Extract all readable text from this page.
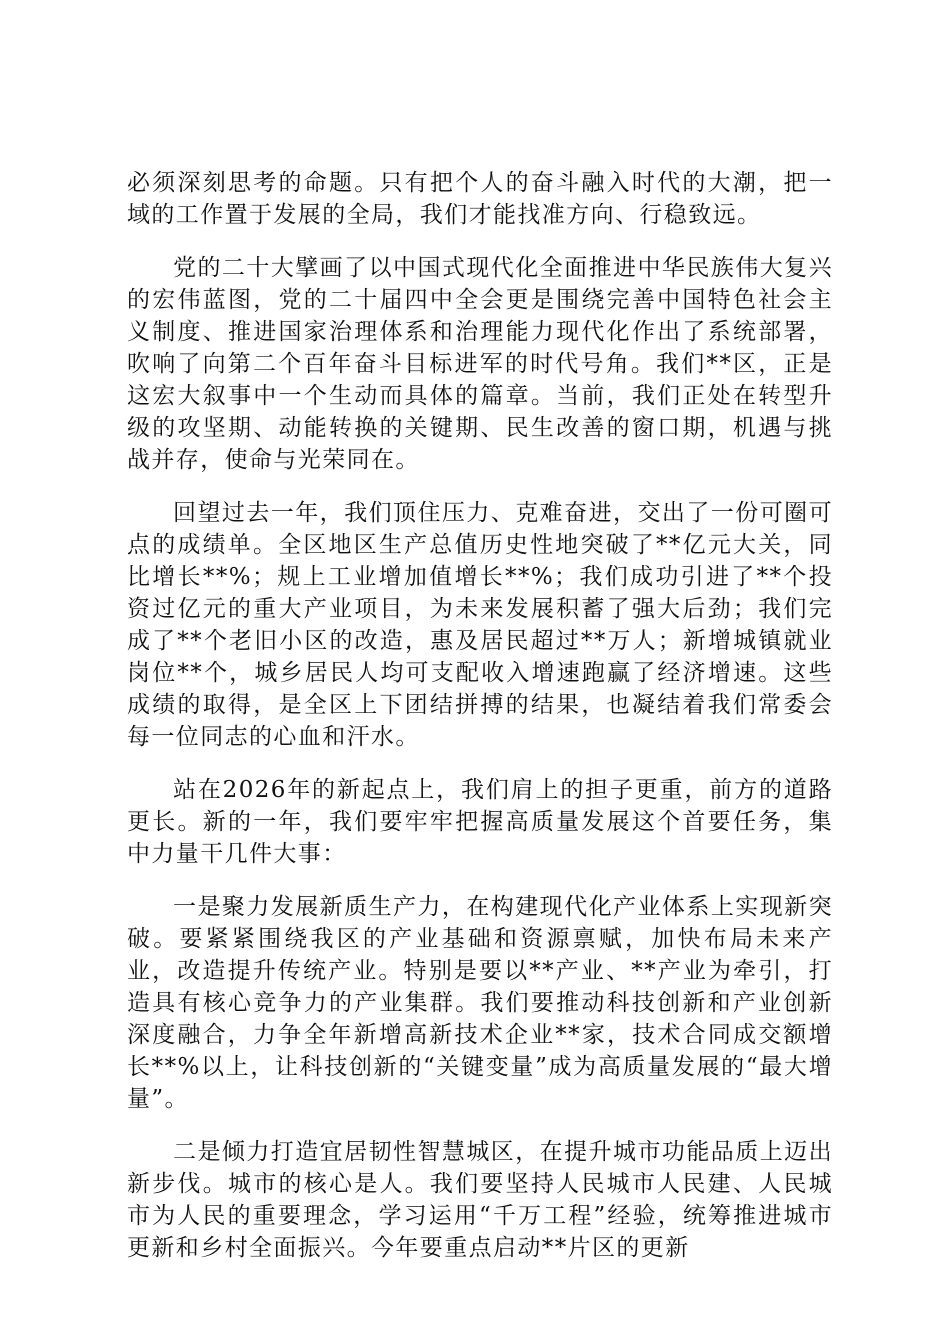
必须深刻思考的命题。只有把个人的奋斗融入时代的大潮，把一域的工作置于发展的全局，我们才能找准方向、行稳致远。

党的二十大擘画了以中国式现代化全面推进中华民族伟大复兴的宏伟蓝图，党的二十届四中全会更是围绕完善中国特色社会主义制度、推进国家治理体系和治理能力现代化作出了系统部署，吹响了向第二个百年奋斗目标进军的时代号角。我们**区，正是这宏大叙事中一个生动而具体的篇章。当前，我们正处在转型升级的攻坚期、动能转换的关键期、民生改善的窗口期，机遇与挑战并存，使命与光荣同在。

回望过去一年，我们顶住压力、克难奋进，交出了一份可圈可点的成绩单。全区地区生产总值历史性地突破了**亿元大关，同比增长**%；规上工业增加值增长**%；我们成功引进了**个投资过亿元的重大产业项目，为未来发展积蓄了强大后劲；我们完成了**个老旧小区的改造，惠及居民超过**万人；新增城镇就业岗位**个，城乡居民人均可支配收入增速跑赢了经济增速。这些成绩的取得，是全区上下团结拼搏的结果，也凝结着我们常委会每一位同志的心血和汗水。

站在2026年的新起点上，我们肩上的担子更重，前方的道路更长。新的一年，我们要牢牢把握高质量发展这个首要任务，集中力量干几件大事：

一是聚力发展新质生产力，在构建现代化产业体系上实现新突破。要紧紧围绕我区的产业基础和资源禀赋，加快布局未来产业，改造提升传统产业。特别是要以**产业、**产业为牵引，打造具有核心竞争力的产业集群。我们要推动科技创新和产业创新深度融合，力争全年新增高新技术企业**家，技术合同成交额增长**%以上，让科技创新的“关键变量”成为高质量发展的“最大增量”。

二是倾力打造宜居韧性智慧城区，在提升城市功能品质上迈出新步伐。城市的核心是人。我们要坚持人民城市人民建、人民城市为人民的重要理念，学习运用“千万工程”经验，统筹推进城市更新和乡村全面振兴。今年要重点启动**片区的更新
